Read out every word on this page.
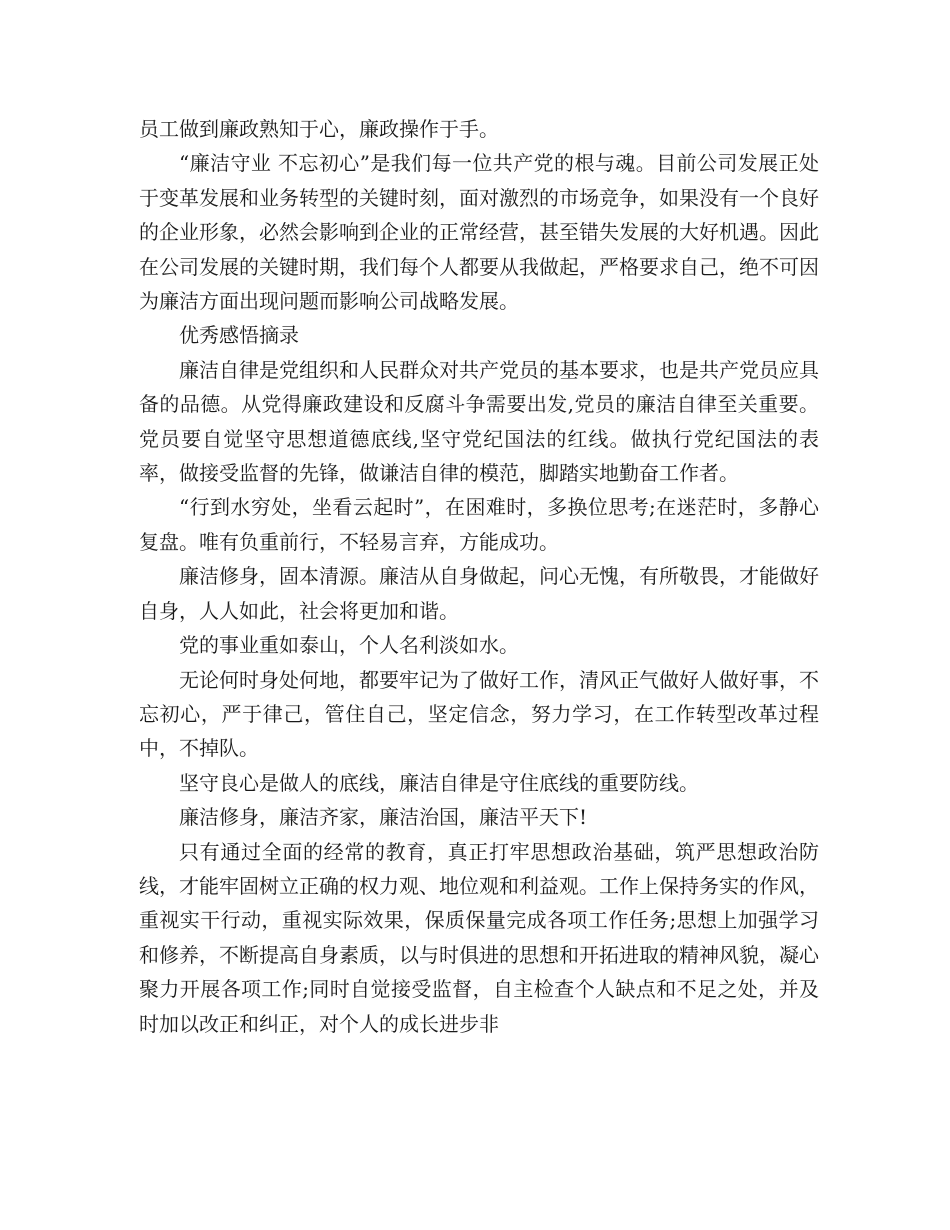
员工做到廉政熟知于心，廉政操作于手。

“廉洁守业 不忘初心”是我们每一位共产党的根与魂。目前公司发展正处于变革发展和业务转型的关键时刻，面对激烈的市场竞争，如果没有一个良好的企业形象，必然会影响到企业的正常经营，甚至错失发展的大好机遇。因此在公司发展的关键时期，我们每个人都要从我做起，严格要求自己，绝不可因为廉洁方面出现问题而影响公司战略发展。

优秀感悟摘录

廉洁自律是党组织和人民群众对共产党员的基本要求，也是共产党员应具备的品德。从党得廉政建设和反腐斗争需要出发,党员的廉洁自律至关重要。党员要自觉坚守思想道德底线,坚守党纪国法的红线。做执行党纪国法的表率，做接受监督的先锋，做谦洁自律的模范，脚踏实地勤奋工作者。

“行到水穷处，坐看云起时”，在困难时，多换位思考;在迷茫时，多静心复盘。唯有负重前行，不轻易言弃，方能成功。

廉洁修身，固本清源。廉洁从自身做起，问心无愧，有所敬畏，才能做好自身，人人如此，社会将更加和谐。

党的事业重如泰山，个人名利淡如水。

无论何时身处何地，都要牢记为了做好工作，清风正气做好人做好事，不忘初心，严于律己，管住自己，坚定信念，努力学习，在工作转型改革过程中，不掉队。

坚守良心是做人的底线，廉洁自律是守住底线的重要防线。

廉洁修身，廉洁齐家，廉洁治国，廉洁平天下!

只有通过全面的经常的教育，真正打牢思想政治基础，筑严思想政治防线，才能牢固树立正确的权力观、地位观和利益观。工作上保持务实的作风，重视实干行动，重视实际效果，保质保量完成各项工作任务;思想上加强学习和修养，不断提高自身素质，以与时俱进的思想和开拓进取的精神风貌，凝心聚力开展各项工作;同时自觉接受监督，自主检查个人缺点和不足之处，并及时加以改正和纠正，对个人的成长进步非
